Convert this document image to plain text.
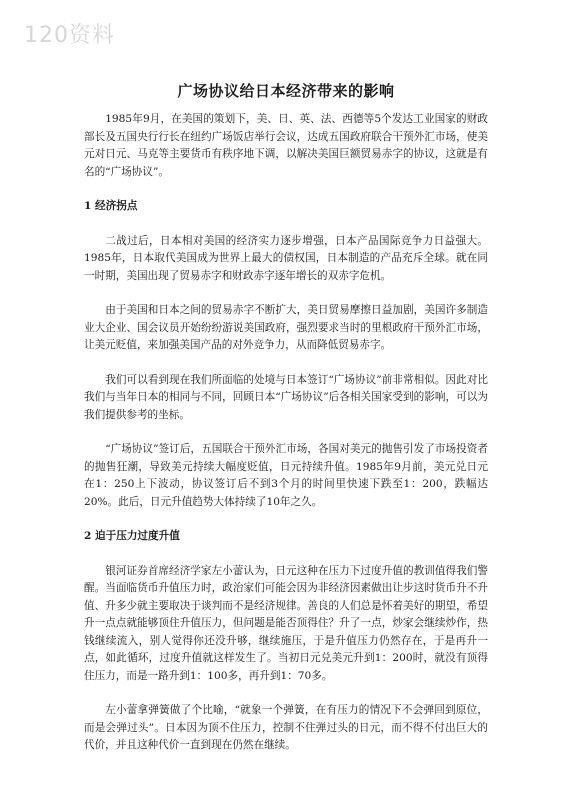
120资料
广场协议给日本经济带来的影响

1985年9月，在美国的策划下，美、日、英、法、西德等5个发达工业国家的财政部长及五国央行行长在纽约广场饭店举行会议，达成五国政府联合干预外汇市场，使美元对日元、马克等主要货币有秩序地下调，以解决美国巨额贸易赤字的协议，这就是有名的“广场协议”。

1 经济拐点

二战过后，日本相对美国的经济实力逐步增强，日本产品国际竞争力日益强大。1985年，日本取代美国成为世界上最大的债权国，日本制造的产品充斥全球。就在同一时期，美国出现了贸易赤字和财政赤字逐年增长的双赤字危机。

由于美国和日本之间的贸易赤字不断扩大，美日贸易摩擦日益加剧，美国许多制造业大企业、国会议员开始纷纷游说美国政府，强烈要求当时的里根政府干预外汇市场，让美元贬值，来加强美国产品的对外竞争力，从而降低贸易赤字。

我们可以看到现在我们所面临的处境与日本签订“广场协议”前非常相似。因此对比我们与当年日本的相同与不同，回顾日本“广场协议”后各相关国家受到的影响，可以为我们提供参考的坐标。

“广场协议”签订后，五国联合干预外汇市场，各国对美元的抛售引发了市场投资者的抛售狂潮，导致美元持续大幅度贬值，日元持续升值。1985年9月前，美元兑日元在1：250上下波动，协议签订后不到3个月的时间里快速下跌至1：200，跌幅达20%。此后，日元升值趋势大体持续了10年之久。

2 迫于压力过度升值

银河证券首席经济学家左小蕾认为，日元这种在压力下过度升值的教训值得我们警醒。当面临货币升值压力时，政治家们可能会因为非经济因素做出让步这时货币升不升值、升多少就主要取决于谈判而不是经济规律。善良的人们总是怀着美好的期望，希望升一点点就能够顶住升值压力，但问题是能否顶得住？升了一点，炒家会继续炒作，热钱继续流入，别人觉得你还没升够，继续施压，于是升值压力仍然存在，于是再升一点，如此循环，过度升值就这样发生了。当初日元兑美元升到1：200时，就没有顶得住压力，而是一路升到1：100多，再升到1：70多。

左小蕾拿弹簧做了个比喻，“就象一个弹簧，在有压力的情况下不会弹回到原位，而是会弹过头”。日本因为顶不住压力，控制不住弹过头的日元，而不得不付出巨大的代价，并且这种代价一直到现在仍然在继续。
